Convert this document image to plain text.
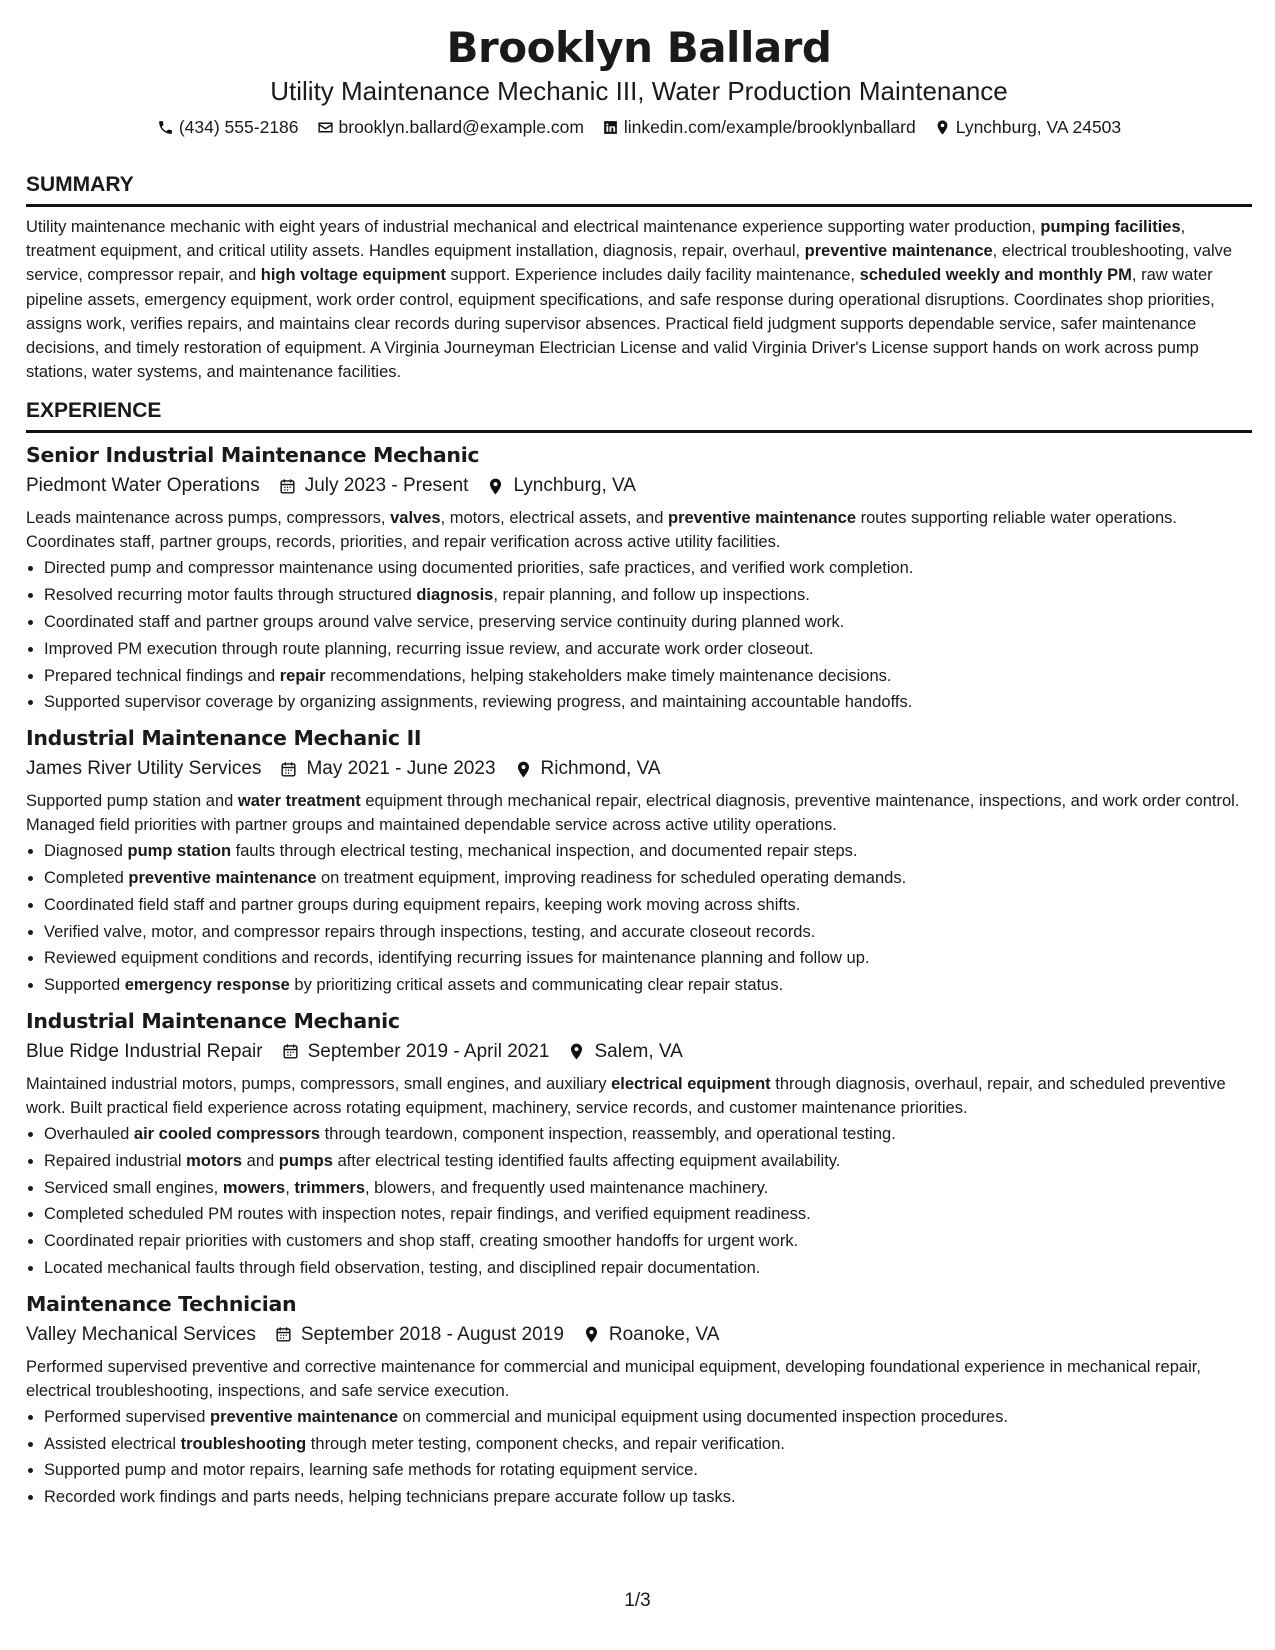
Brooklyn Ballard

Utility Maintenance Mechanic III, Water Production Maintenance

(434) 555-2186 brooklyn.ballard@example.com linkedin.com/example/brooklynballard Lynchburg, VA 24503
SUMMARY

Utility maintenance mechanic with eight years of industrial mechanical and electrical maintenance experience supporting water production, pumping facilities, treatment equipment, and critical utility assets. Handles equipment installation, diagnosis, repair, overhaul, preventive maintenance, electrical troubleshooting, valve service, compressor repair, and high voltage equipment support. Experience includes daily facility maintenance, scheduled weekly and monthly PM, raw water pipeline assets, emergency equipment, work order control, equipment specifications, and safe response during operational disruptions. Coordinates shop priorities, assigns work, verifies repairs, and maintains clear records during supervisor absences. Practical field judgment supports dependable service, safer maintenance decisions, and timely restoration of equipment. A Virginia Journeyman Electrician License and valid Virginia Driver's License support hands on work across pump stations, water systems, and maintenance facilities.

EXPERIENCE
Senior Industrial Maintenance Mechanic
Piedmont Water Operations July 2023 - Present Lynchburg, VA

Leads maintenance across pumps, compressors, valves, motors, electrical assets, and preventive maintenance routes supporting reliable water operations. Coordinates staff, partner groups, records, priorities, and repair verification across active utility facilities.

• Directed pump and compressor maintenance using documented priorities, safe practices, and verified work completion.
• Resolved recurring motor faults through structured diagnosis, repair planning, and follow up inspections.
• Coordinated staff and partner groups around valve service, preserving service continuity during planned work.
• Improved PM execution through route planning, recurring issue review, and accurate work order closeout.
• Prepared technical findings and repair recommendations, helping stakeholders make timely maintenance decisions.
• Supported supervisor coverage by organizing assignments, reviewing progress, and maintaining accountable handoffs.
Industrial Maintenance Mechanic II
James River Utility Services May 2021 - June 2023 Richmond, VA

Supported pump station and water treatment equipment through mechanical repair, electrical diagnosis, preventive maintenance, inspections, and work order control. Managed field priorities with partner groups and maintained dependable service across active utility operations.

• Diagnosed pump station faults through electrical testing, mechanical inspection, and documented repair steps.
• Completed preventive maintenance on treatment equipment, improving readiness for scheduled operating demands.
• Coordinated field staff and partner groups during equipment repairs, keeping work moving across shifts.
• Verified valve, motor, and compressor repairs through inspections, testing, and accurate closeout records.
• Reviewed equipment conditions and records, identifying recurring issues for maintenance planning and follow up.
• Supported emergency response by prioritizing critical assets and communicating clear repair status.
Industrial Maintenance Mechanic
Blue Ridge Industrial Repair September 2019 - April 2021 Salem, VA

Maintained industrial motors, pumps, compressors, small engines, and auxiliary electrical equipment through diagnosis, overhaul, repair, and scheduled preventive work. Built practical field experience across rotating equipment, machinery, service records, and customer maintenance priorities.

• Overhauled air cooled compressors through teardown, component inspection, reassembly, and operational testing.
• Repaired industrial motors and pumps after electrical testing identified faults affecting equipment availability.
• Serviced small engines, mowers, trimmers, blowers, and frequently used maintenance machinery.
• Completed scheduled PM routes with inspection notes, repair findings, and verified equipment readiness.
• Coordinated repair priorities with customers and shop staff, creating smoother handoffs for urgent work.
• Located mechanical faults through field observation, testing, and disciplined repair documentation.
Maintenance Technician
Valley Mechanical Services September 2018 - August 2019 Roanoke, VA

Performed supervised preventive and corrective maintenance for commercial and municipal equipment, developing foundational experience in mechanical repair, electrical troubleshooting, inspections, and safe service execution.

• Performed supervised preventive maintenance on commercial and municipal equipment using documented inspection procedures.
• Assisted electrical troubleshooting through meter testing, component checks, and repair verification.
• Supported pump and motor repairs, learning safe methods for rotating equipment service.
• Recorded work findings and parts needs, helping technicians prepare accurate follow up tasks.
1/3
